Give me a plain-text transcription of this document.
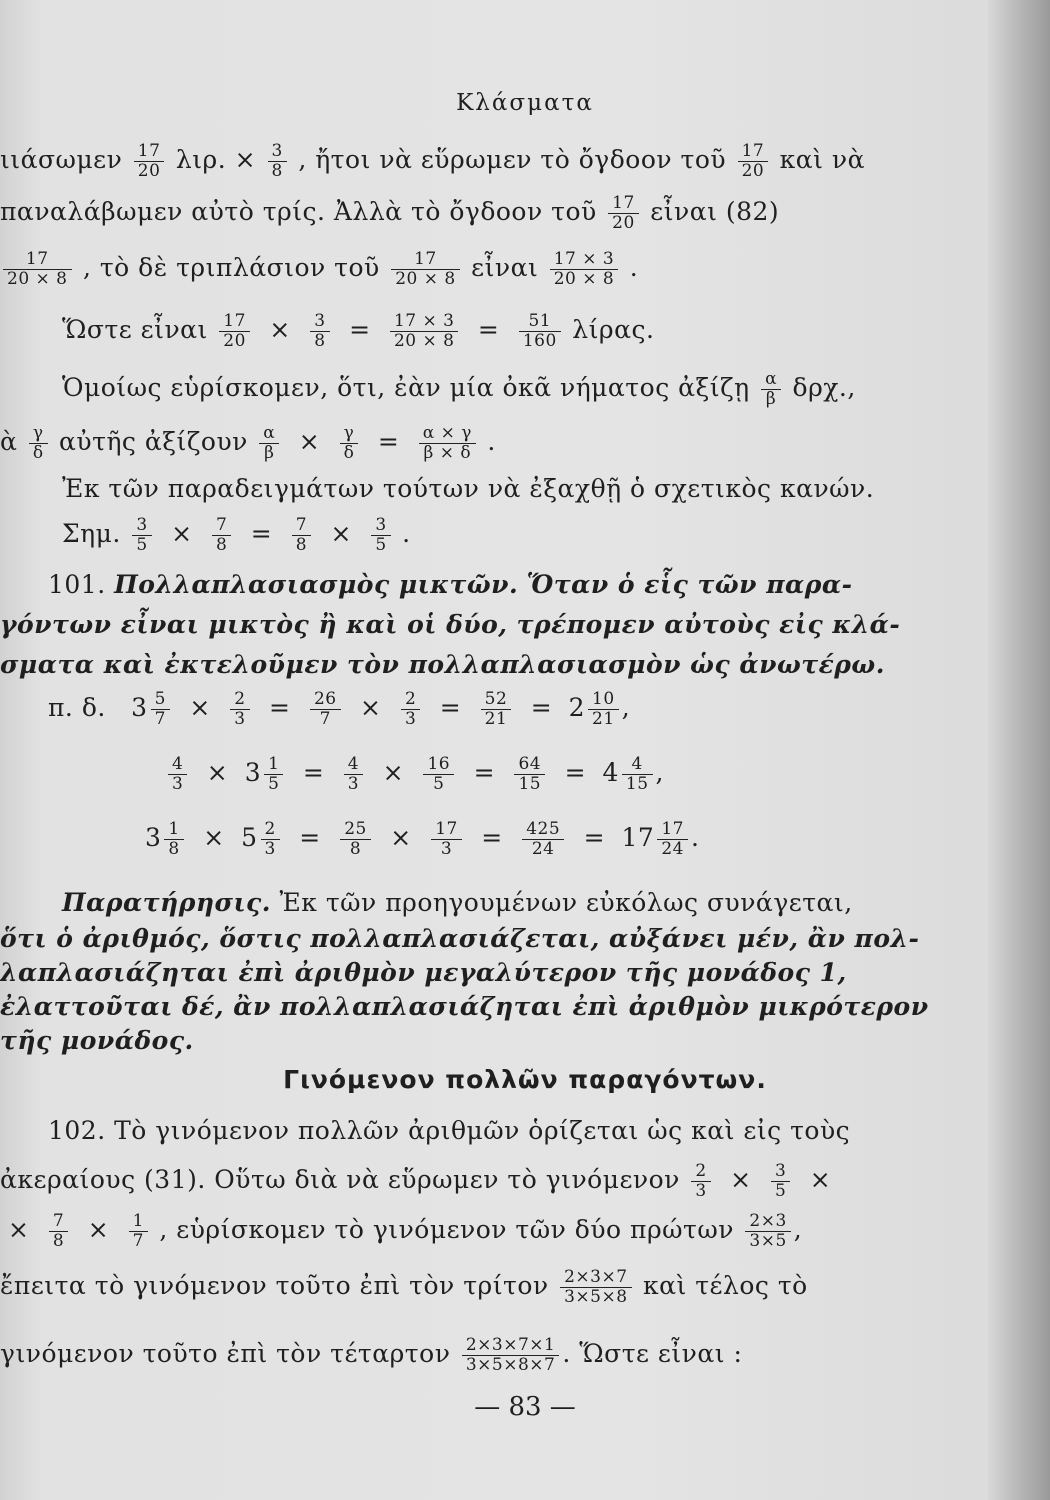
Κλάσματα
ιιάσωμεν $\frac{17}{20} \lambda\iota\rho$. × $\frac{3}{8}$ , ἤτοι νὰ εὕρωμεν τὸ ὄγδοον τοῦ $\frac{17}{20}$ καὶ νὰ
παναλάβωμεν αὐτὸ τρίς. Ἀλλὰ τὸ ὄγδοον τοῦ $\frac{17}{20}$ εἶναι (82)
$\frac{17}{20 \times 8}$ , τὸ δὲ τριπλάσιον τοῦ $\frac{17}{20 \times 8}$ εἶναι $\frac{17 \times 3}{20 \times 8}$ .
Ὥστε εἶναι $\frac{17}{20} \times \frac{3}{8} = \frac{17 \times 3}{20 \times 8} = \frac{51}{160} \lambda ί\rho\alpha\varsigma$.
Ὁμοίως εὑρίσκομεν, ὅτι, ἐὰν μία ὀκᾶ νήματος ἀξίζῃ $\frac{\alpha}{\beta} \delta\rho\chi$.,
ὰ $\frac{\gamma}{\delta}$ αὐτῆς ἀξίζουν $\frac{\alpha}{\beta} \times \frac{\gamma}{\delta} = \frac{\alpha \times \gamma}{\beta \times \delta}$ .
Ἐκ τῶν παραδειγμάτων τούτων νὰ ἐξαχθῇ ὁ σχετικὸς κανών.
Σημ. $\frac{3}{5} \times \frac{7}{8} = \frac{7}{8} \times \frac{3}{5}$ .
101. Πολλαπλασιασμὸς μικτῶν. Ὅταν ὁ εἷς τῶν παρα-
γόντων εἶναι μικτὸς ἢ καὶ οἱ δύο, τρέπομεν αὐτοὺς εἰς κλά-
σματα καὶ ἐκτελοῦμεν τὸν πολλαπλασιασμὸν ὡς ἀνωτέρω.
π. δ. $3 \frac{5}{7} \times \frac{2}{3} = \frac{26}{7} \times \frac{2}{3} = \frac{52}{21} = 2 \frac{10}{21}$ ,
$\frac{4}{3} \times 3 \frac{1}{5} = \frac{4}{3} \times \frac{16}{5} = \frac{64}{15} = 4 \frac{4}{15}$ ,
$3 \frac{1}{8} \times 5 \frac{2}{3} = \frac{25}{8} \times \frac{17}{3} = \frac{425}{24} = 17 \frac{17}{24}$ .
Παρατήρησις. Ἐκ τῶν προηγουμένων εὐκόλως συνάγεται,
ὅτι ὁ ἀριθμός, ὅστις πολλαπλασιάζεται, αὐξάνει μέν, ἂν πολ-
λαπλασιάζηται ἐπὶ ἀριθμὸν μεγαλύτερον τῆς μονάδος 1,
ἐλαττοῦται δέ, ἂν πολλαπλασιάζηται ἐπὶ ἀριθμὸν μικρότερον
τῆς μονάδος.
Γινόμενον πολλῶν παραγόντων.
102. Τὸ γινόμενον πολλῶν ἀριθμῶν ὁρίζεται ὡς καὶ εἰς τοὺς
ἀκεραίους (31). Οὕτω διὰ νὰ εὕρωμεν τὸ γινόμενον $\frac{2}{3} \times \frac{3}{5}$ ×
× $\frac{7}{8} \times \frac{1}{7}$ , εὑρίσκομεν τὸ γινόμενον τῶν δύο πρώτων $\frac{2\times 3}{3\times 5}$ ,
ἔπειτα τὸ γινόμενον τοῦτο ἐπὶ τὸν τρίτον $\frac{2\times 3\times 7}{3\times 5\times 8}$ καὶ τέλος τὸ
γινόμενον τοῦτο ἐπὶ τὸν τέταρτον $\frac{2\times 3\times 7\times 1}{3\times 5\times 8\times 7}$ . Ὥστε εἶναι :
— 83 —
